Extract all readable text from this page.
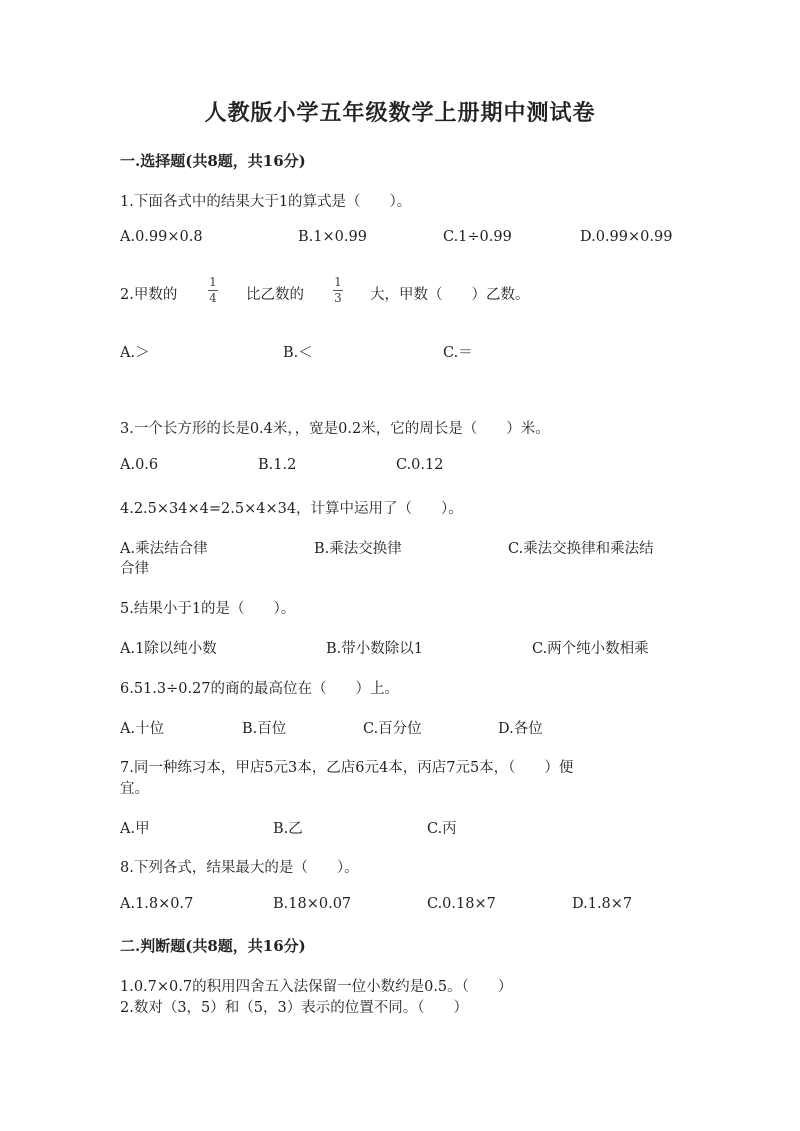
人教版小学五年级数学上册期中测试卷
一.选择题(共8题，共16分)
1.下面各式中的结果大于1的算式是（　　）。
A.0.99×0.8	B.1×0.99	C.1÷0.99	D.0.99×0.99
2.甲数的
1
4 比乙数的
1
3 大，甲数（　　）乙数。
A.＞	B.＜	C.＝
3.一个长方形的长是0.4米，，宽是0.2米，它的周长是（　　）米。
A.0.6	B.1.2	C.0.12
4.2.5×34×4=2.5×4×34，计算中运用了（　　）。
A.乘法结合律	B.乘法交换律	C.乘法交换律和乘法结
合律
5.结果小于1的是（　　）。
A.1除以纯小数	B.带小数除以1	C.两个纯小数相乘
6.51.3÷0.27的商的最高位在（　　）上。
A.十位	B.百位	C.百分位	D.各位
7.同一种练习本，甲店5元3本，乙店6元4本，丙店7元5本，（　　）便
宜。
A.甲	B.乙	C.丙
8.下列各式，结果最大的是（　　）。
A.1.8×0.7	B.18×0.07	C.0.18×7	D.1.8×7
二.判断题(共8题，共16分)
1.0.7×0.7的积用四舍五入法保留一位小数约是0.5。（　　）
2.数对（3，5）和（5，3）表示的位置不同。（　　）
